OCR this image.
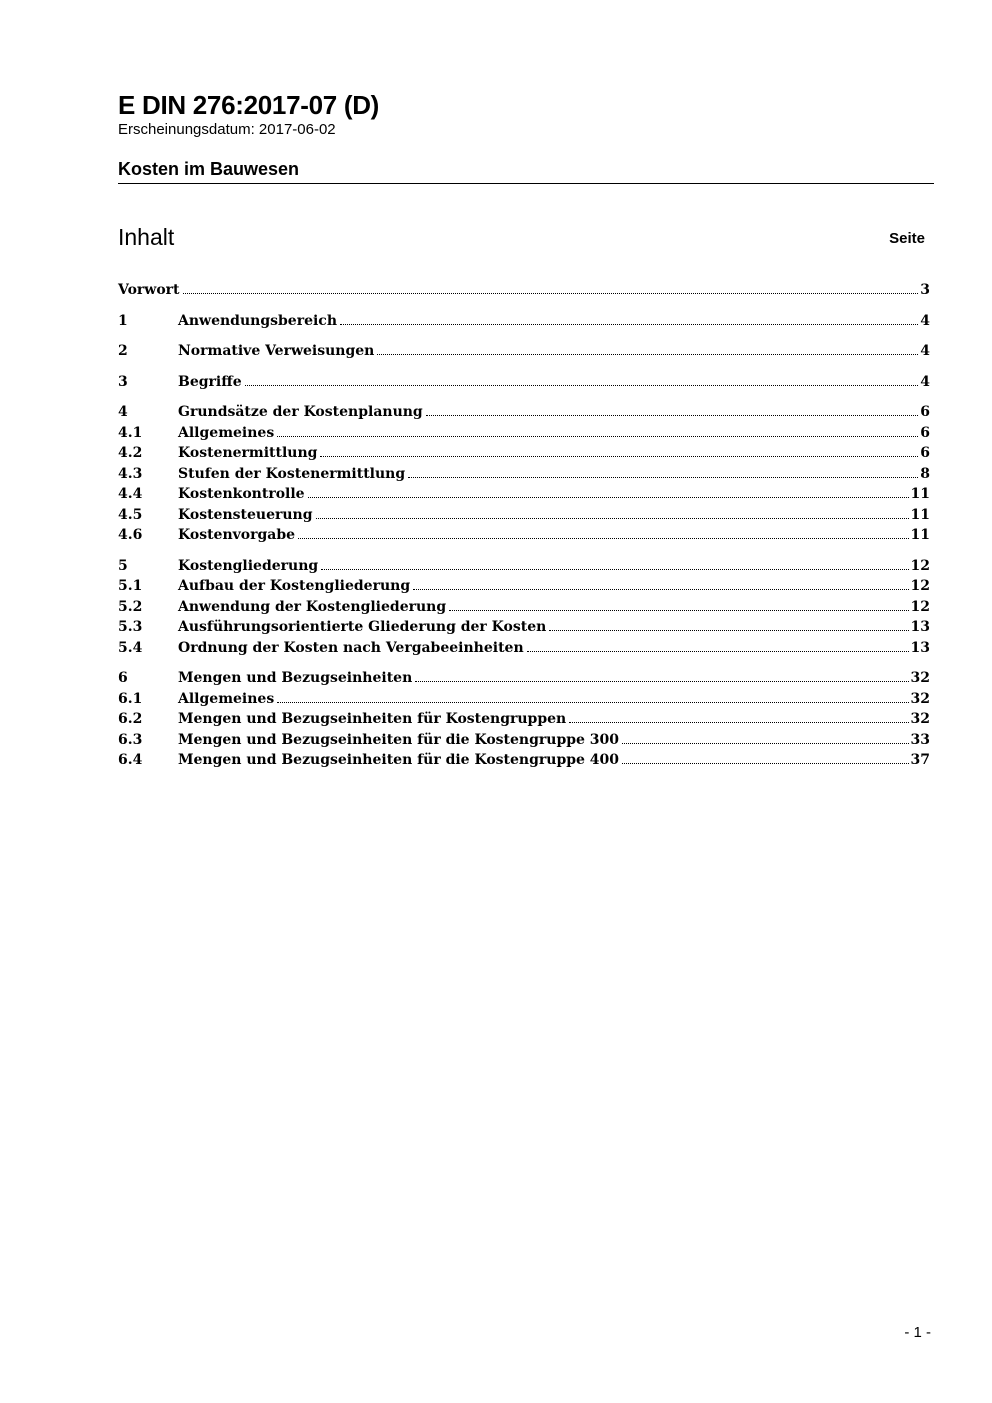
E DIN 276:2017-07 (D)
Erscheinungsdatum: 2017-06-02
Kosten im Bauwesen
Inhalt	Seite
Vorwort	3
1	Anwendungsbereich	4
2	Normative Verweisungen	4
3	Begriffe	4
4	Grundsätze der Kostenplanung	6
4.1	Allgemeines	6
4.2	Kostenermittlung	6
4.3	Stufen der Kostenermittlung	8
4.4	Kostenkontrolle	11
4.5	Kostensteuerung	11
4.6	Kostenvorgabe	11
5	Kostengliederung	12
5.1	Aufbau der Kostengliederung	12
5.2	Anwendung der Kostengliederung	12
5.3	Ausführungsorientierte Gliederung der Kosten	13
5.4	Ordnung der Kosten nach Vergabeeinheiten	13
6	Mengen und Bezugseinheiten	32
6.1	Allgemeines	32
6.2	Mengen und Bezugseinheiten für Kostengruppen	32
6.3	Mengen und Bezugseinheiten für die Kostengruppe 300	33
6.4	Mengen und Bezugseinheiten für die Kostengruppe 400	37
- 1 -
